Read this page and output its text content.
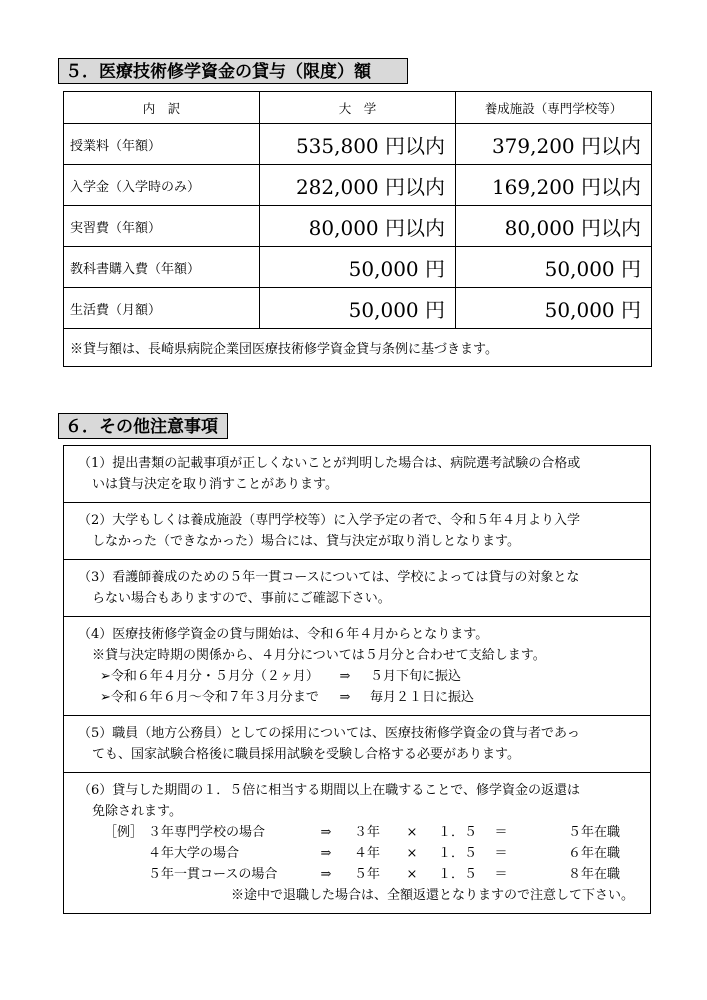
５．医療技術修学資金の貸与（限度）額
内　訳	大　学	養成施設（専門学校等）
授業料（年額）	535,800 円以内	379,200 円以内
入学金（入学時のみ）	282,000 円以内	169,200 円以内
実習費（年額）	80,000 円以内	80,000 円以内
教科書購入費（年額）	50,000 円	50,000 円
生活費（月額）	50,000 円	50,000 円
※貸与額は、長崎県病院企業団医療技術修学資金貸与条例に基づきます。		
６．その他注意事項
（1）提出書類の記載事項が正しくないことが判明した場合は、病院選考試験の合格或
いは貸与決定を取り消すことがあります。
（2）大学もしくは養成施設（専門学校等）に入学予定の者で、令和５年４月より入学
しなかった（できなかった）場合には、貸与決定が取り消しとなります。
（3）看護師養成のための５年一貫コースについては、学校によっては貸与の対象とな
らない場合もありますので、事前にご確認下さい。
（4）医療技術修学資金の貸与開始は、令和６年４月からとなります。
※貸与決定時期の関係から、４月分については５月分と合わせて支給します。
➢令和６年４月分・５月分（２ヶ月）	⇒	５月下旬に振込
➢令和６年６月～令和７年３月分まで	⇒	毎月２１日に振込
（5）職員（地方公務員）としての採用については、医療技術修学資金の貸与者であっ
ても、国家試験合格後に職員採用試験を受験し合格する必要があります。
（6）貸与した期間の１．５倍に相当する期間以上在職することで、修学資金の返還は
免除されます。
［例］ ３年専門学校の場合	⇒	３年	×	１．５	＝	５年在職
４年大学の場合	⇒	４年	×	１．５	＝	６年在職
５年一貫コースの場合	⇒	５年	×	１．５	＝	８年在職
※途中で退職した場合は、全額返還となりますので注意して下さい。
